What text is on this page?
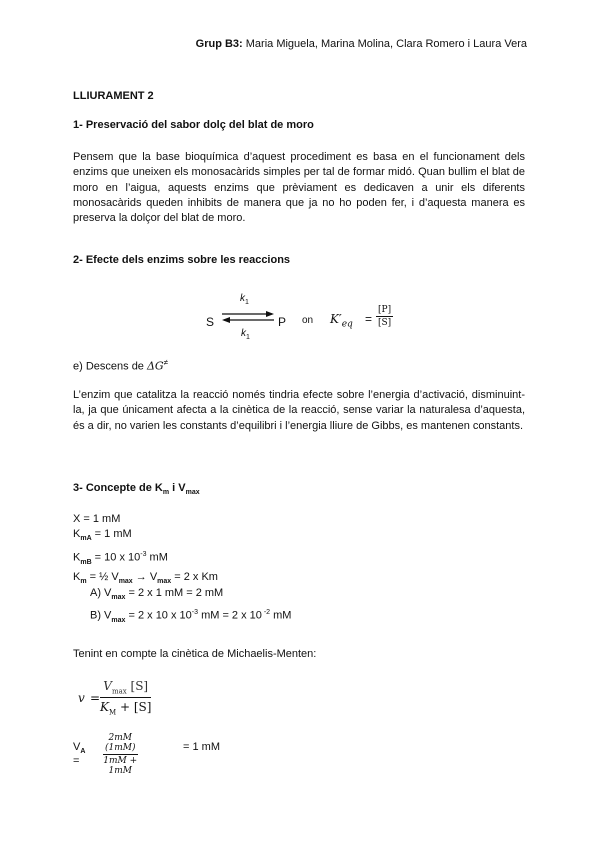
Grup B3: Maria Miguela, Marina Molina, Clara Romero i Laura Vera
LLIURAMENT 2
1- Preservació del sabor dolç del blat de moro
Pensem que la base bioquímica d’aquest procediment es basa en el funcionament dels enzims que uneixen els monosacàrids simples per tal de formar midó. Quan bullim el blat de moro en l’aigua, aquests enzims que prèviament es dedicaven a unir els diferents monosacàrids queden inhibits de manera que ja no ho poden fer, i d’aquesta manera es preserva la dolçor del blat de moro.
2- Efecte dels enzims sobre les reaccions
S
$k_1$
$k_1$
P on $K'_{eq} = \frac{[P]}{[S]}$
e) Descens de ΔG≠
L’enzim que catalitza la reacció només tindria efecte sobre l’energia d’activació, disminuint-la, ja que únicament afecta a la cinètica de la reacció, sense variar la naturalesa d’aquesta, és a dir, no varien les constants d’equilibri i l’energia lliure de Gibbs, es mantenen constants.
3- Concepte de $K_m$ i $V_{max}$
X = 1 mM
$K_{mA} = 1$ mM
$K_{mB} = 10$ x $10^{-3}$ mM
$K_m$ = ½ $V_{max} \to V_{max} = 2$ x Km
A) $V_{max} = 2$ x 1 mM = 2 mM
B) $V_{max} = 2$ x 10 x $10^{-3}$ mM = 2 x 10 $^{-2}$ mM
Tenint en compte la cinètica de Michaelis-Menten:
v =
$V_{max}$ [S]
$K_M + [S]$
$V_A$ =	$\frac{2mM (1mM)}{1mM + 1mM}$	= 1 mM
